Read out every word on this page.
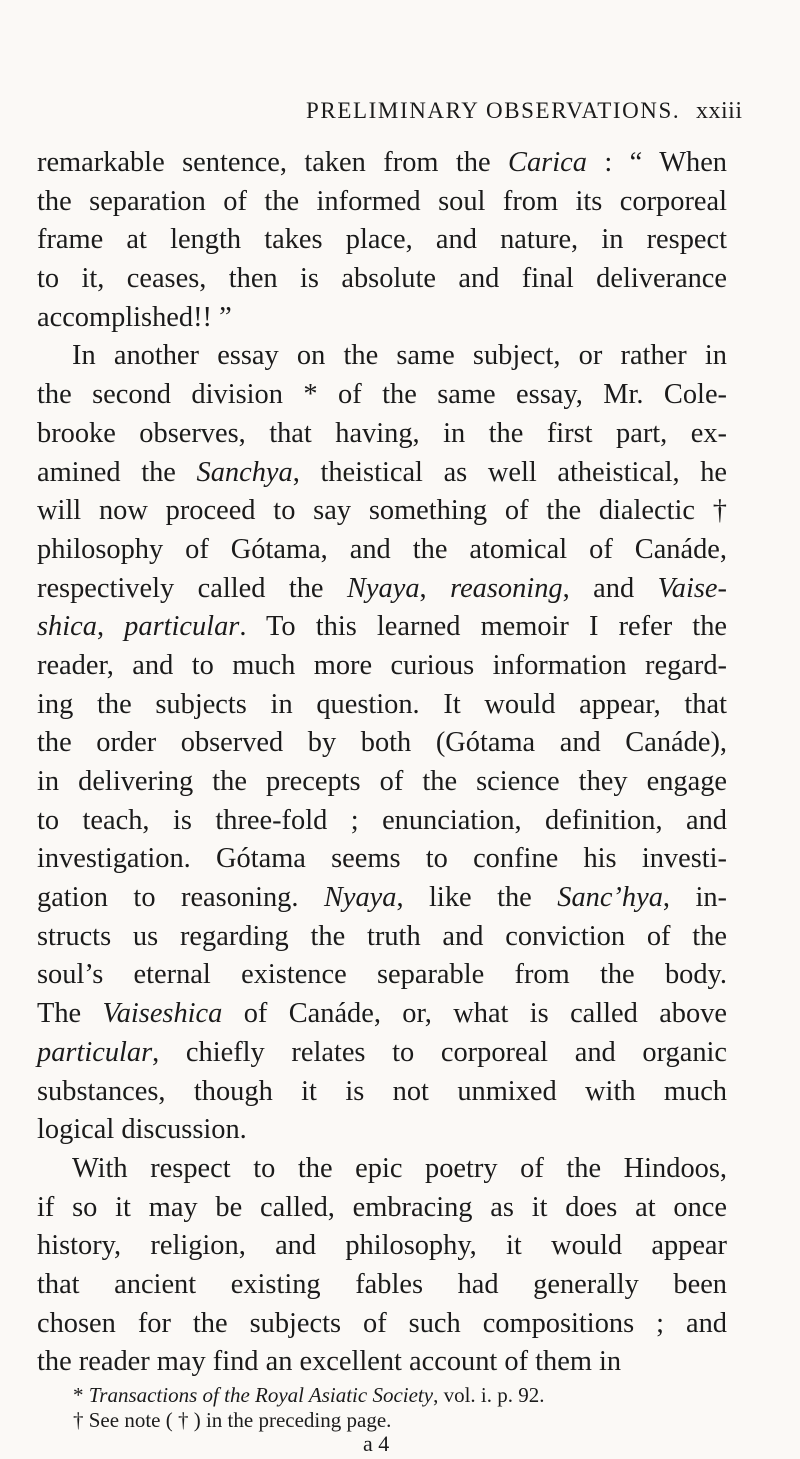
PRELIMINARY OBSERVATIONS. xxiii
remarkable sentence, taken from the Carica : “ When
the separation of the informed soul from its corporeal
frame at length takes place, and nature, in respect
to it, ceases, then is absolute and final deliverance
accomplished!! ”
In another essay on the same subject, or rather in
the second division * of the same essay, Mr. Cole-
brooke observes, that having, in the first part, ex-
amined the Sanchya, theistical as well atheistical, he
will now proceed to say something of the dialectic †
philosophy of Gótama, and the atomical of Canáde,
respectively called the Nyaya, reasoning, and Vaise-
shica, particular. To this learned memoir I refer the
reader, and to much more curious information regard-
ing the subjects in question. It would appear, that
the order observed by both (Gótama and Canáde),
in delivering the precepts of the science they engage
to teach, is three-fold ; enunciation, definition, and
investigation. Gótama seems to confine his investi-
gation to reasoning. Nyaya, like the Sanc’hya, in-
structs us regarding the truth and conviction of the
soul’s eternal existence separable from the body.
The Vaiseshica of Canáde, or, what is called above
particular, chiefly relates to corporeal and organic
substances, though it is not unmixed with much
logical discussion.
With respect to the epic poetry of the Hindoos,
if so it may be called, embracing as it does at once
history, religion, and philosophy, it would appear
that ancient existing fables had generally been
chosen for the subjects of such compositions ; and
the reader may find an excellent account of them in
* Transactions of the Royal Asiatic Society, vol. i. p. 92.
† See note ( † ) in the preceding page.
a 4
